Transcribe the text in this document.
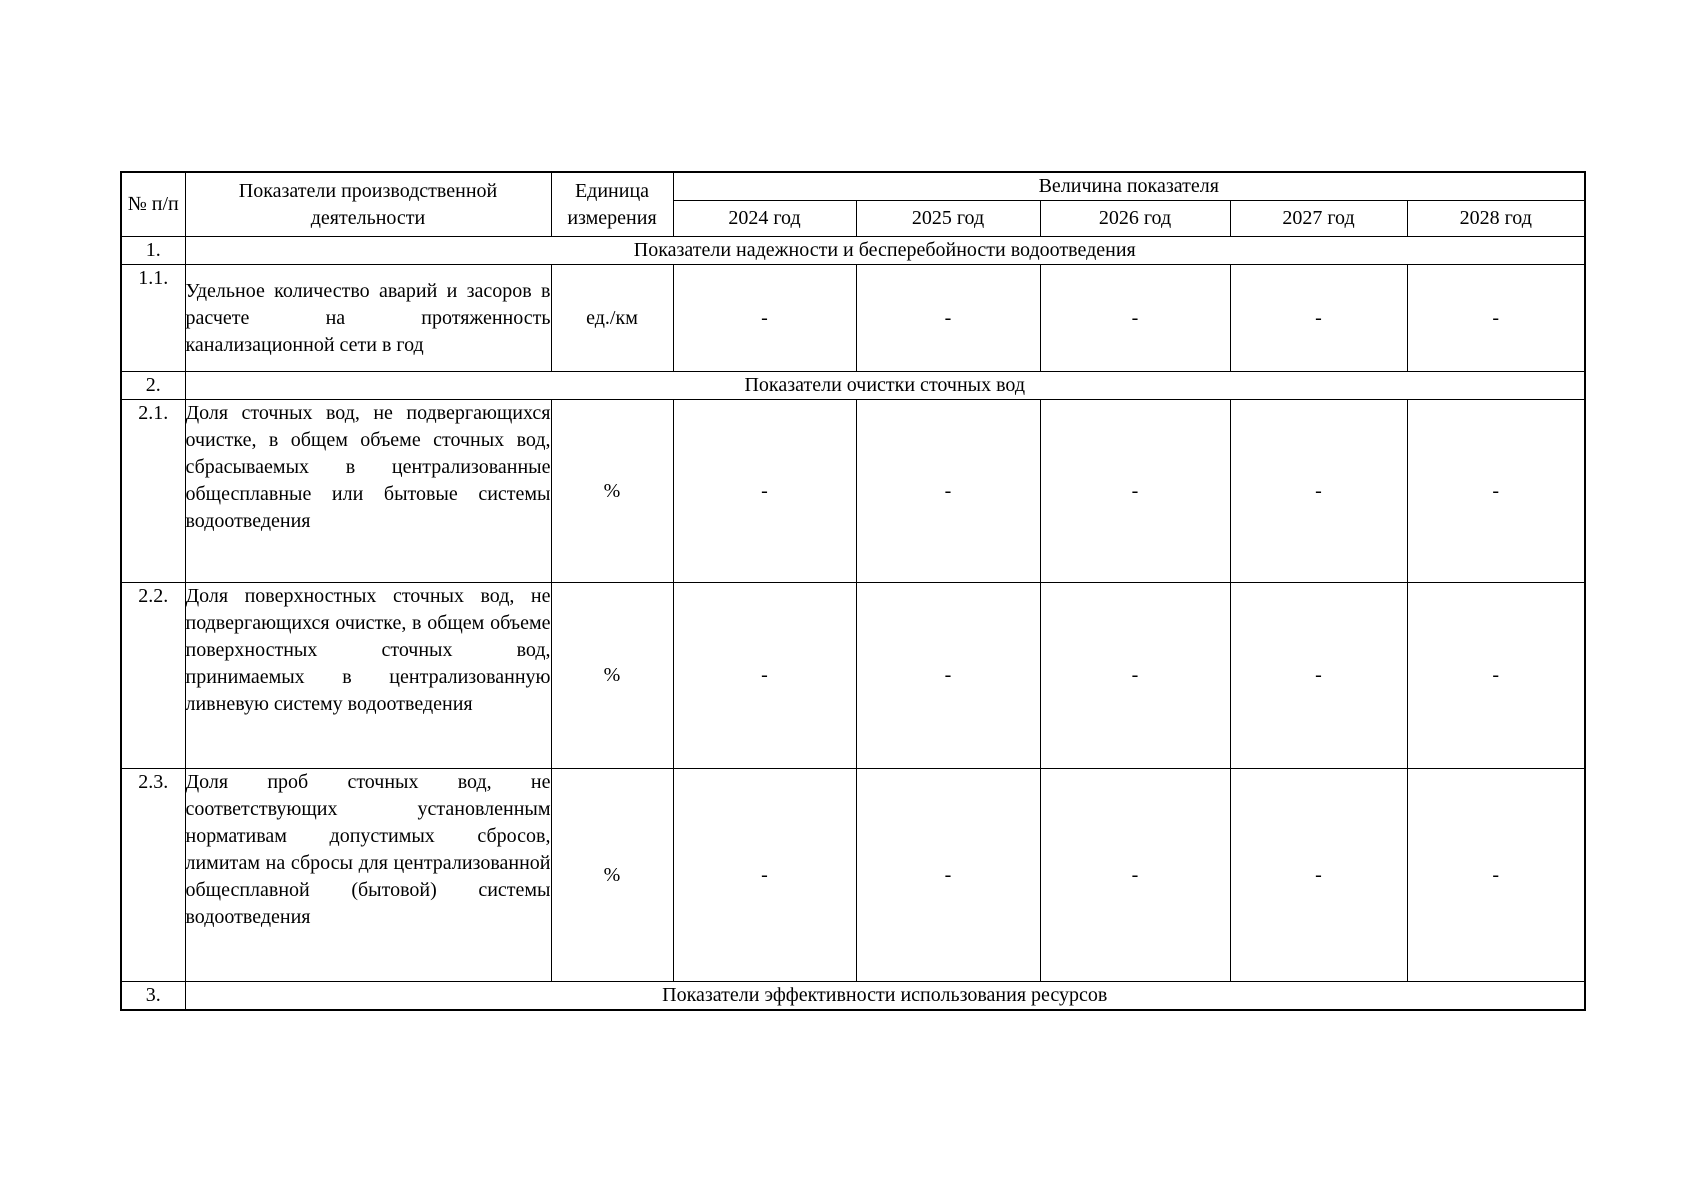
№ п/п	Показатели производственной деятельности	Единица измерения	Величина показателя				
			2024 год	2025 год	2026 год	2027 год	2028 год
1.	Показатели надежности и бесперебойности водоотведения						
1.1.	Удельное количество аварий и засоров в расчете на протяженность канализационной сети в год	ед./км	-	-	-	-	-
2.	Показатели очистки сточных вод						
2.1.	Доля сточных вод, не подвергающихся очистке, в общем объеме сточных вод, сбрасываемых в централизованные общесплавные или бытовые системы водоотведения	%	-	-	-	-	-
2.2.	Доля поверхностных сточных вод, не подвергающихся очистке, в общем объеме поверхностных сточных вод, принимаемых в централизованную ливневую систему водоотведения	%	-	-	-	-	-
2.3.	Доля проб сточных вод, не соответствующих установленным нормативам допустимых сбросов, лимитам на сбросы для централизованной общесплавной (бытовой) системы водоотведения	%	-	-	-	-	-
3.	Показатели эффективности использования ресурсов						
